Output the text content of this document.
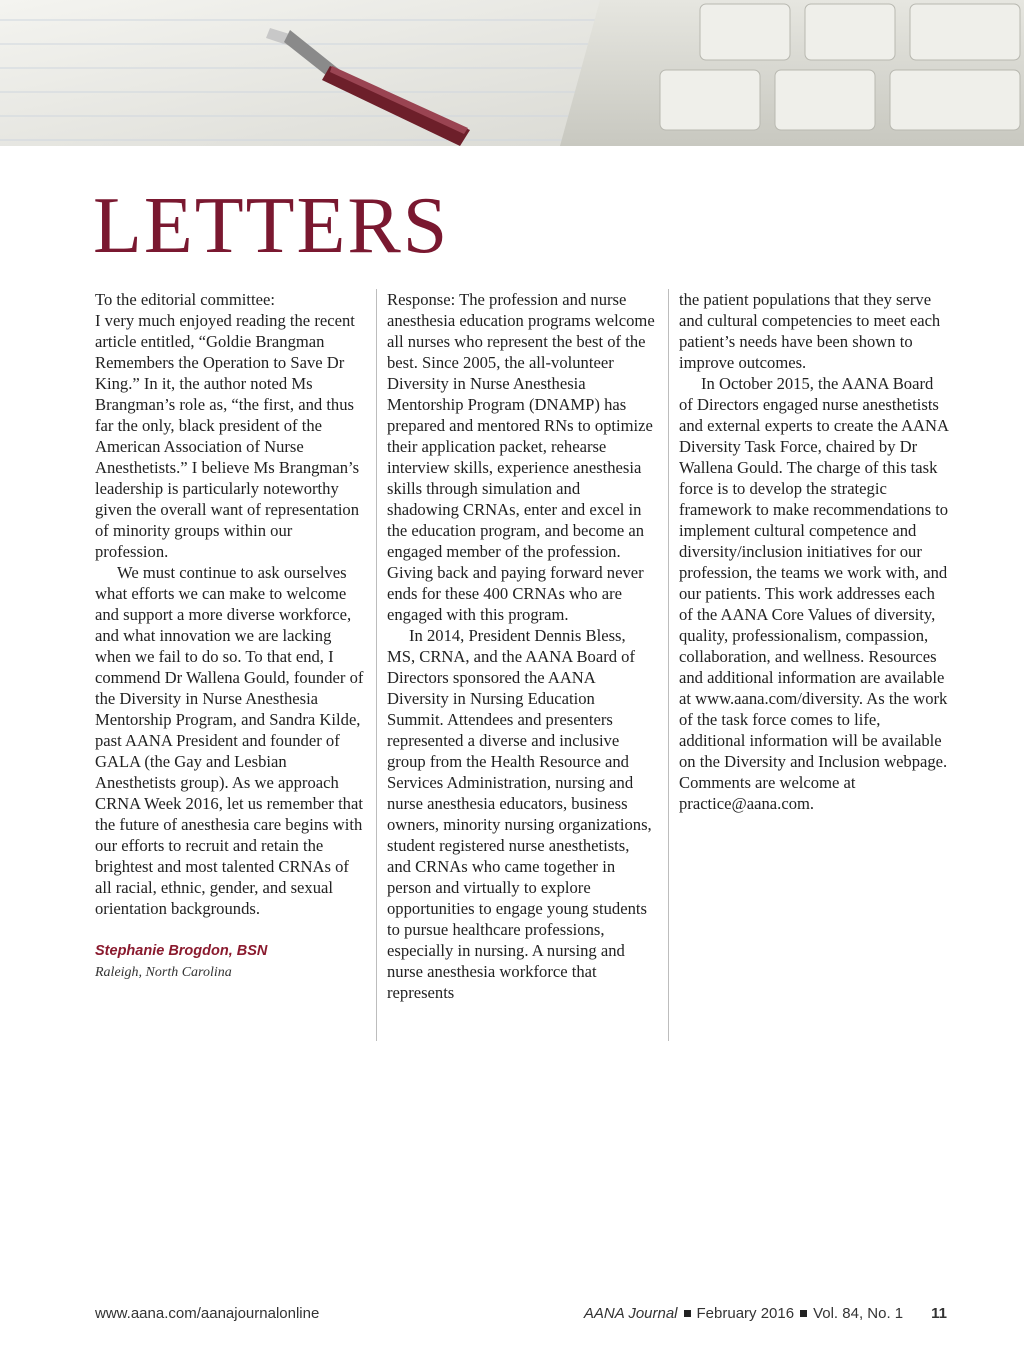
LETTERS

To the editorial committee:

I very much enjoyed reading the recent article entitled, “Goldie Brangman Remembers the Operation to Save Dr King.” In it, the author noted Ms Brangman’s role as, “the first, and thus far the only, black president of the American Association of Nurse Anesthetists.” I believe Ms Brangman’s leadership is particularly noteworthy given the overall want of representation of minority groups within our profession.

We must continue to ask ourselves what efforts we can make to welcome and support a more diverse workforce, and what innovation we are lacking when we fail to do so. To that end, I commend Dr Wallena Gould, founder of the Diversity in Nurse Anesthesia Mentorship Program, and Sandra Kilde, past AANA President and founder of GALA (the Gay and Lesbian Anesthetists group). As we approach CRNA Week 2016, let us remember that the future of anesthesia care begins with our efforts to recruit and retain the brightest and most talented CRNAs of all racial, ethnic, gender, and sexual orientation backgrounds.

Stephanie Brogdon, BSN

Raleigh, North Carolina

Response: The profession and nurse anesthesia education programs welcome all nurses who represent the best of the best. Since 2005, the all-volunteer Diversity in Nurse Anesthesia Mentorship Program (DNAMP) has prepared and mentored RNs to optimize their application packet, rehearse interview skills, experience anesthesia skills through simulation and shadowing CRNAs, enter and excel in the education program, and become an engaged member of the profession. Giving back and paying forward never ends for these 400 CRNAs who are engaged with this program.

In 2014, President Dennis Bless, MS, CRNA, and the AANA Board of Directors sponsored the AANA Diversity in Nursing Education Summit. Attendees and presenters represented a diverse and inclusive group from the Health Resource and Services Administration, nursing and nurse anesthesia educators, business owners, minority nursing organizations, student registered nurse anesthetists, and CRNAs who came together in person and virtually to explore opportunities to engage young students to pursue healthcare professions, especially in nursing. A nursing and nurse anesthesia workforce that represents

the patient populations that they serve and cultural competencies to meet each patient’s needs have been shown to improve outcomes.

In October 2015, the AANA Board of Directors engaged nurse anesthetists and external experts to create the AANA Diversity Task Force, chaired by Dr Wallena Gould. The charge of this task force is to develop the strategic framework to make recommendations to implement cultural competence and diversity/inclusion initiatives for our profession, the teams we work with, and our patients. This work addresses each of the AANA Core Values of diversity, quality, professionalism, compassion, collaboration, and wellness. Resources and additional information are available at www.aana.com/diversity. As the work of the task force comes to life, additional information will be available on the Diversity and Inclusion webpage. Comments are welcome at practice@aana.com.

www.aana.com/aanajournalonline	AANA Journal February 2016 Vol. 84, No. 1 11
